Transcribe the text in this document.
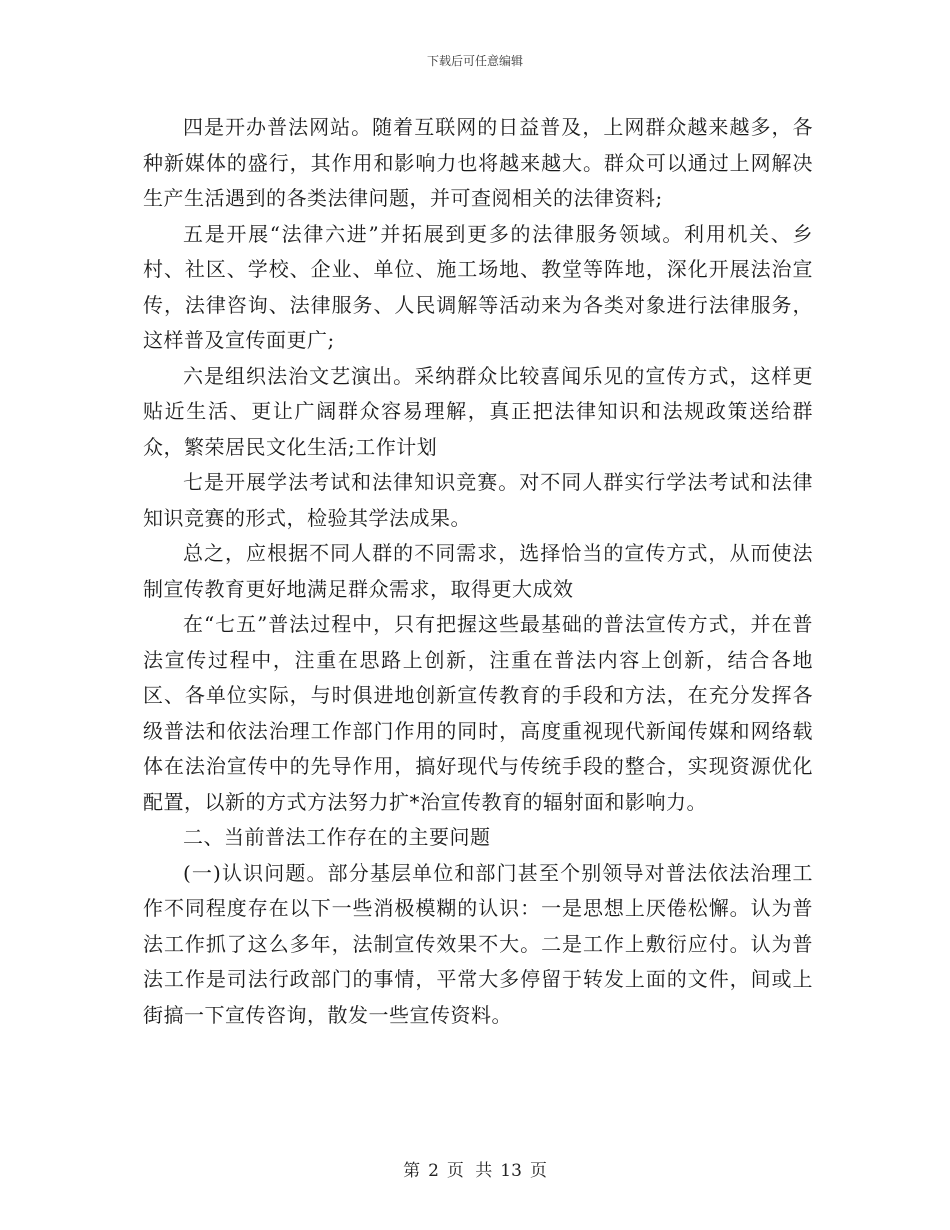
下载后可任意编辑

四是开办普法网站。随着互联网的日益普及，上网群众越来越多，各种新媒体的盛行，其作用和影响力也将越来越大。群众可以通过上网解决生产生活遇到的各类法律问题，并可查阅相关的法律资料;

五是开展“法律六进”并拓展到更多的法律服务领域。利用机关、乡村、社区、学校、企业、单位、施工场地、教堂等阵地，深化开展法治宣传，法律咨询、法律服务、人民调解等活动来为各类对象进行法律服务，这样普及宣传面更广;

六是组织法治文艺演出。采纳群众比较喜闻乐见的宣传方式，这样更贴近生活、更让广阔群众容易理解，真正把法律知识和法规政策送给群众，繁荣居民文化生活;工作计划

七是开展学法考试和法律知识竞赛。对不同人群实行学法考试和法律知识竞赛的形式，检验其学法成果。

总之，应根据不同人群的不同需求，选择恰当的宣传方式，从而使法制宣传教育更好地满足群众需求，取得更大成效

在“七五”普法过程中，只有把握这些最基础的普法宣传方式，并在普法宣传过程中，注重在思路上创新，注重在普法内容上创新，结合各地区、各单位实际，与时俱进地创新宣传教育的手段和方法，在充分发挥各级普法和依法治理工作部门作用的同时，高度重视现代新闻传媒和网络载体在法治宣传中的先导作用，搞好现代与传统手段的整合，实现资源优化配置，以新的方式方法努力扩*治宣传教育的辐射面和影响力。

二、当前普法工作存在的主要问题

(一)认识问题。部分基层单位和部门甚至个别领导对普法依法治理工作不同程度存在以下一些消极模糊的认识：一是思想上厌倦松懈。认为普法工作抓了这么多年，法制宣传效果不大。二是工作上敷衍应付。认为普法工作是司法行政部门的事情，平常大多停留于转发上面的文件，间或上街搞一下宣传咨询，散发一些宣传资料。

第 2 页 共 13 页
